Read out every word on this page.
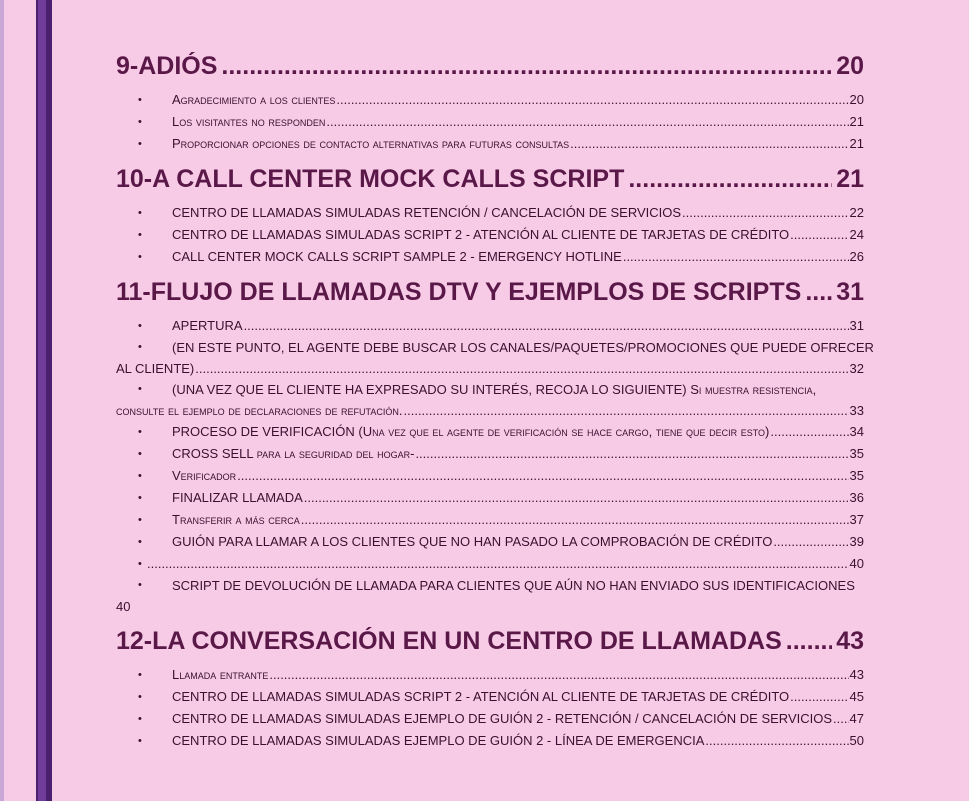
9-ADIÓS .....	20
•	Agradecimiento a los clientes .....	20
•	Los visitantes no responden .....	21
•	Proporcionar opciones de contacto alternativas para futuras consultas .....	21
10-A CALL CENTER MOCK CALLS SCRIPT .....	21
•	CENTRO DE LLAMADAS SIMULADAS RETENCIÓN / CANCELACIÓN DE SERVICIOS .....	22
•	CENTRO DE LLAMADAS SIMULADAS SCRIPT 2 - ATENCIÓN AL CLIENTE DE TARJETAS DE CRÉDITO .....	24
•	CALL CENTER MOCK CALLS SCRIPT SAMPLE 2 - EMERGENCY HOTLINE .....	26
11-FLUJO DE LLAMADAS DTV Y EJEMPLOS DE SCRIPTS ..... 31
•	APERTURA .....	31
•	(EN ESTE PUNTO, EL AGENTE DEBE BUSCAR LOS CANALES/PAQUETES/PROMOCIONES QUE PUEDE OFRECER
AL CLIENTE) .....	32
•	(UNA VEZ QUE EL CLIENTE HA EXPRESADO SU INTERÉS, RECOJA LO SIGUIENTE) Si muestra resistencia,
consulte el ejemplo de declaraciones de refutación. .....	33
•	PROCESO DE VERIFICACIÓN (Una vez que el agente de verificación se hace cargo, tiene que decir esto) .....	34
•	CROSS SELL para la seguridad del hogar- .....	35
•	Verificador .....	35
•	FINALIZAR LLAMADA .....	36
•	Transferir a más cerca .....	37
•	GUIÓN PARA LLAMAR A LOS CLIENTES QUE NO HAN PASADO LA COMPROBACIÓN DE CRÉDITO .....	39
• .....	40
•	SCRIPT DE DEVOLUCIÓN DE LLAMADA PARA CLIENTES QUE AÚN NO HAN ENVIADO SUS IDENTIFICACIONES
40
12-LA CONVERSACIÓN EN UN CENTRO DE LLAMADAS ..... 43
•	Llamada entrante .....	43
•	CENTRO DE LLAMADAS SIMULADAS SCRIPT 2 - ATENCIÓN AL CLIENTE DE TARJETAS DE CRÉDITO .....	45
•	CENTRO DE LLAMADAS SIMULADAS EJEMPLO DE GUIÓN 2 - RETENCIÓN / CANCELACIÓN DE SERVICIOS ..... 47
•	CENTRO DE LLAMADAS SIMULADAS EJEMPLO DE GUIÓN 2 - LÍNEA DE EMERGENCIA .....	50
